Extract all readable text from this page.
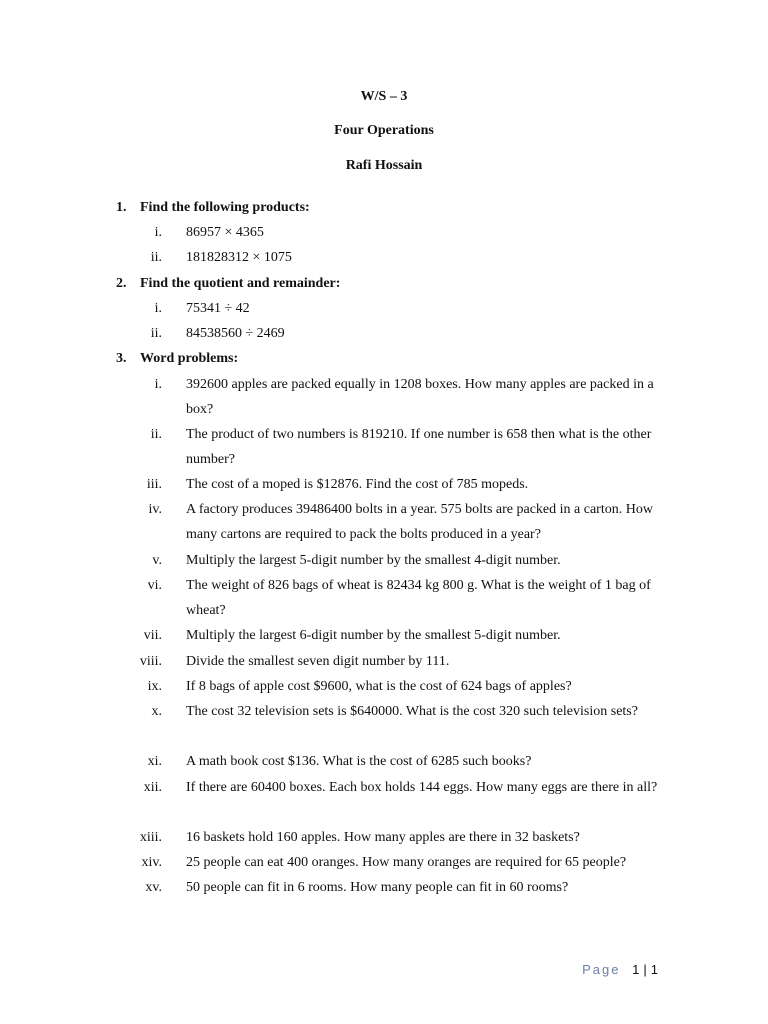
W/S – 3
Four Operations
Rafi Hossain
1. Find the following products:
i. 86957 × 4365
ii. 181828312 × 1075
2. Find the quotient and remainder:
i. 75341 ÷ 42
ii. 84538560 ÷ 2469
3. Word problems:
i. 392600 apples are packed equally in 1208 boxes. How many apples are packed in a box?
ii. The product of two numbers is 819210. If one number is 658 then what is the other number?
iii. The cost of a moped is $12876. Find the cost of 785 mopeds.
iv. A factory produces 39486400 bolts in a year. 575 bolts are packed in a carton. How many cartons are required to pack the bolts produced in a year?
v. Multiply the largest 5-digit number by the smallest 4-digit number.
vi. The weight of 826 bags of wheat is 82434 kg 800 g. What is the weight of 1 bag of wheat?
vii. Multiply the largest 6-digit number by the smallest 5-digit number.
viii. Divide the smallest seven digit number by 111.
ix. If 8 bags of apple cost $9600, what is the cost of 624 bags of apples?
x. The cost 32 television sets is $640000. What is the cost 320 such television sets?
xi. A math book cost $136. What is the cost of 6285 such books?
xii. If there are 60400 boxes. Each box holds 144 eggs. How many eggs are there in all?
xiii. 16 baskets hold 160 apples. How many apples are there in 32 baskets?
xiv. 25 people can eat 400 oranges. How many oranges are required for 65 people?
xv. 50 people can fit in 6 rooms. How many people can fit in 60 rooms?
Page 1 | 1
